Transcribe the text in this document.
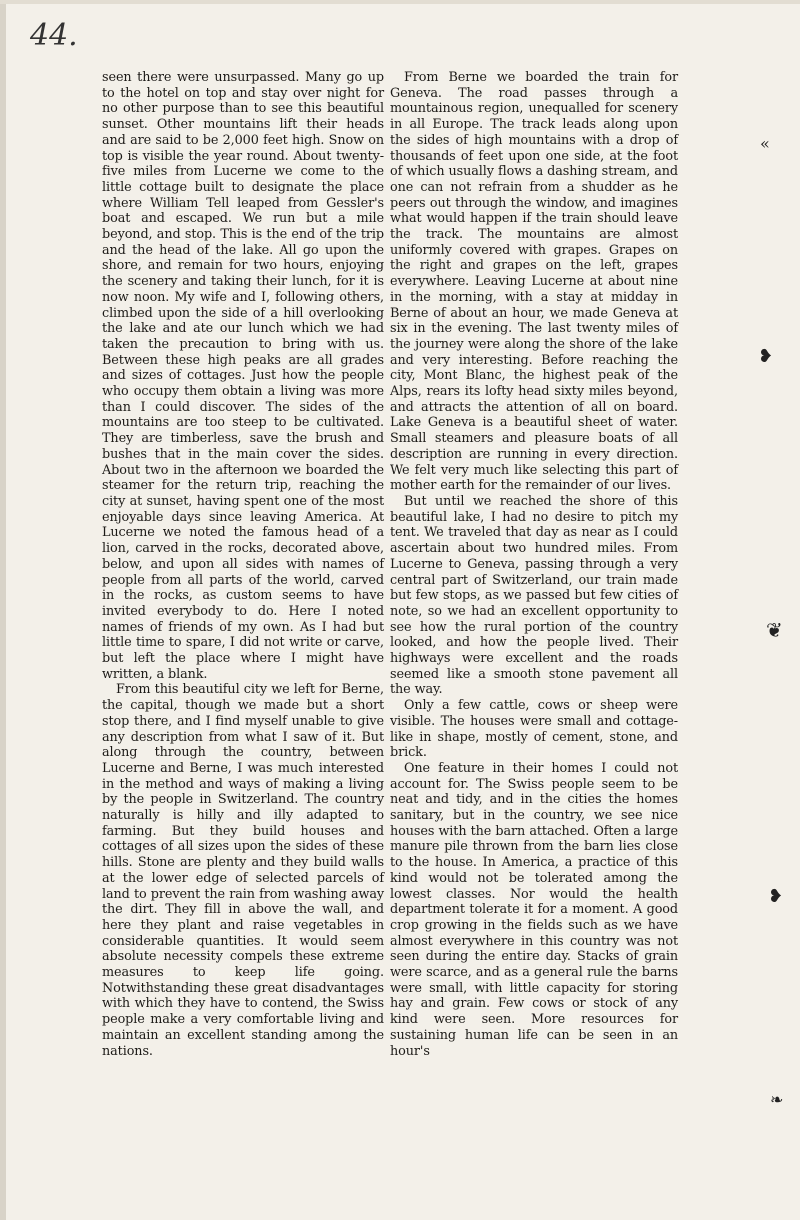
44.

seen there were unsurpassed. Many go up to the hotel on top and stay over night for no other purpose than to see this beautiful sunset. Other mountains lift their heads and are said to be 2,000 feet high. Snow on top is visible the year round. About twenty-five miles from Lucerne we come to the little cottage built to designate the place where William Tell leaped from Gessler's boat and escaped. We run but a mile beyond, and stop. This is the end of the trip and the head of the lake. All go upon the shore, and remain for two hours, enjoying the scenery and taking their lunch, for it is now noon. My wife and I, following others, climbed upon the side of a hill overlooking the lake and ate our lunch which we had taken the precaution to bring with us. Between these high peaks are all grades and sizes of cottages. Just how the people who occupy them obtain a living was more than I could discover. The sides of the mountains are too steep to be cultivated. They are timberless, save the brush and bushes that in the main cover the sides. About two in the afternoon we boarded the steamer for the return trip, reaching the city at sunset, having spent one of the most enjoyable days since leaving America. At Lucerne we noted the famous head of a lion, carved in the rocks, decorated above, below, and upon all sides with names of people from all parts of the world, carved in the rocks, as custom seems to have invited everybody to do. Here I noted names of friends of my own. As I had but little time to spare, I did not write or carve, but left the place where I might have written, a blank.

From this beautiful city we left for Berne, the capital, though we made but a short stop there, and I find myself unable to give any description from what I saw of it. But along through the country, between Lucerne and Berne, I was much interested in the method and ways of making a living by the people in Switzerland. The country naturally is hilly and illy adapted to farming. But they build houses and cottages of all sizes upon the sides of these hills. Stone are plenty and they build walls at the lower edge of selected parcels of land to prevent the rain from washing away the dirt. They fill in above the wall, and here they plant and raise vegetables in considerable quantities. It would seem absolute necessity compels these extreme measures to keep life going. Notwithstanding these great disadvantages with which they have to contend, the Swiss people make a very comfortable living and maintain an excellent standing among the nations.

From Berne we boarded the train for Geneva. The road passes through a mountainous region, unequalled for scenery in all Europe. The track leads along upon the sides of high mountains with a drop of thousands of feet upon one side, at the foot of which usually flows a dashing stream, and one can not refrain from a shudder as he peers out through the window, and imagines what would happen if the train should leave the track. The mountains are almost uniformly covered with grapes. Grapes on the right and grapes on the left, grapes everywhere. Leaving Lucerne at about nine in the morning, with a stay at midday in Berne of about an hour, we made Geneva at six in the evening. The last twenty miles of the journey were along the shore of the lake and very interesting. Before reaching the city, Mont Blanc, the highest peak of the Alps, rears its lofty head sixty miles beyond, and attracts the attention of all on board. Lake Geneva is a beautiful sheet of water. Small steamers and pleasure boats of all description are running in every direction. We felt very much like selecting this part of mother earth for the remainder of our lives.

But until we reached the shore of this beautiful lake, I had no desire to pitch my tent. We traveled that day as near as I could ascertain about two hundred miles. From Lucerne to Geneva, passing through a very central part of Switzerland, our train made but few stops, as we passed but few cities of note, so we had an excellent opportunity to see how the rural portion of the country looked, and how the people lived. Their highways were excellent and the roads seemed like a smooth stone pavement all the way.

Only a few cattle, cows or sheep were visible. The houses were small and cottage-like in shape, mostly of cement, stone, and brick.

One feature in their homes I could not account for. The Swiss people seem to be neat and tidy, and in the cities the homes sanitary, but in the country, we see nice houses with the barn attached. Often a large manure pile thrown from the barn lies close to the house. In America, a practice of this kind would not be tolerated among the lowest classes. Nor would the health department tolerate it for a moment. A good crop growing in the fields such as we have almost everywhere in this country was not seen during the entire day. Stacks of grain were scarce, and as a general rule the barns were small, with little capacity for storing hay and grain. Few cows or stock of any kind were seen. More resources for sustaining human life can be seen in an hour's

«
❥
❦
❥
❧
